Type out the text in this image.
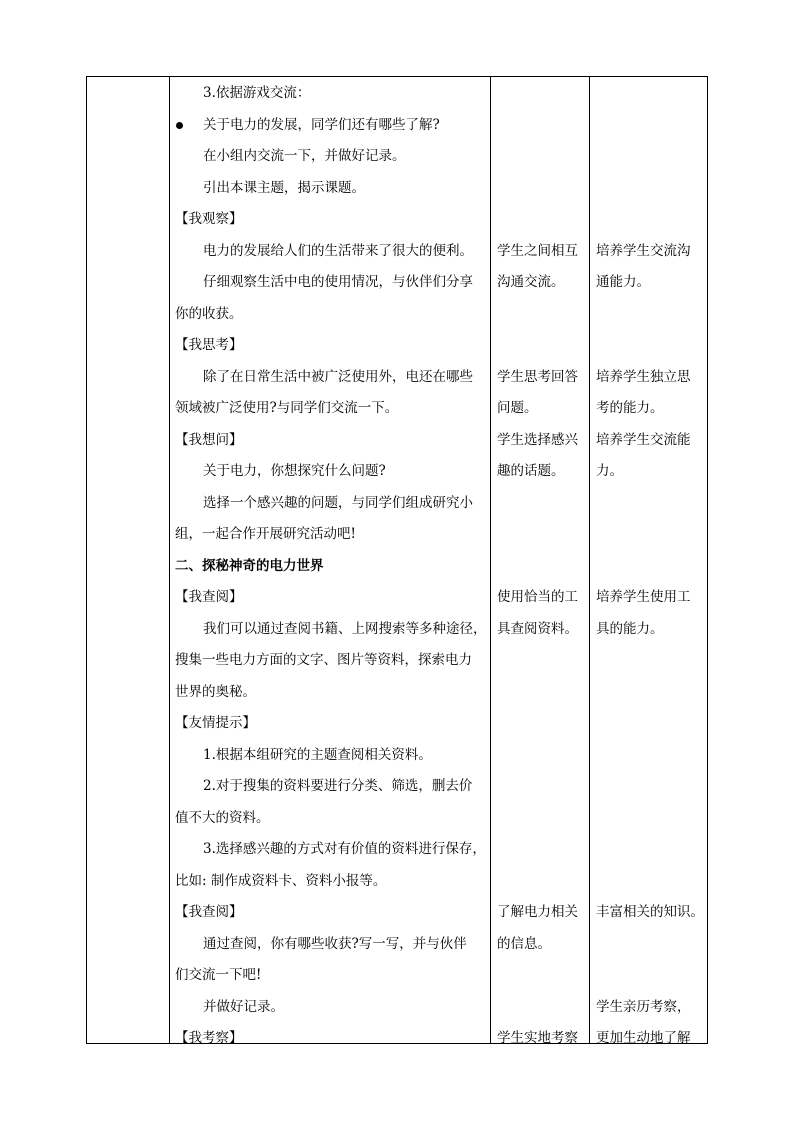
3.依据游戏交流：
关于电力的发展，同学们还有哪些了解?
在小组内交流一下，并做好记录。
引出本课主题，揭示课题。
【我观察】
电力的发展给人们的生活带来了很大的便利。
仔细观察生活中电的使用情况，与伙伴们分享
你的收获。
【我思考】
除了在日常生活中被广泛使用外，电还在哪些
领域被广泛使用?与同学们交流一下。
【我想问】
关于电力，你想探究什么问题?
选择一个感兴趣的问题，与同学们组成研究小
组，一起合作开展研究活动吧!
二、探秘神奇的电力世界
【我查阅】
我们可以通过查阅书籍、上网搜索等多种途径，
搜集一些电力方面的文字、图片等资料，探索电力
世界的奥秘。
【友情提示】
1.根据本组研究的主题查阅相关资料。
2.对于搜集的资料要进行分类、筛选，删去价
值不大的资料。
3.选择感兴趣的方式对有价值的资料进行保存，
比如: 制作成资料卡、资料小报等。
【我查阅】
通过查阅，你有哪些收获?写一写，并与伙伴
们交流一下吧!
并做好记录。
【我考察】
学生之间相互
沟通交流。
学生思考回答
问题。
学生选择感兴
趣的话题。
使用恰当的工
具查阅资料。
了解电力相关
的信息。
学生实地考察
培养学生交流沟
通能力。
培养学生独立思
考的能力。
培养学生交流能
力。
培养学生使用工
具的能力。
丰富相关的知识。
学生亲历考察，
更加生动地了解
